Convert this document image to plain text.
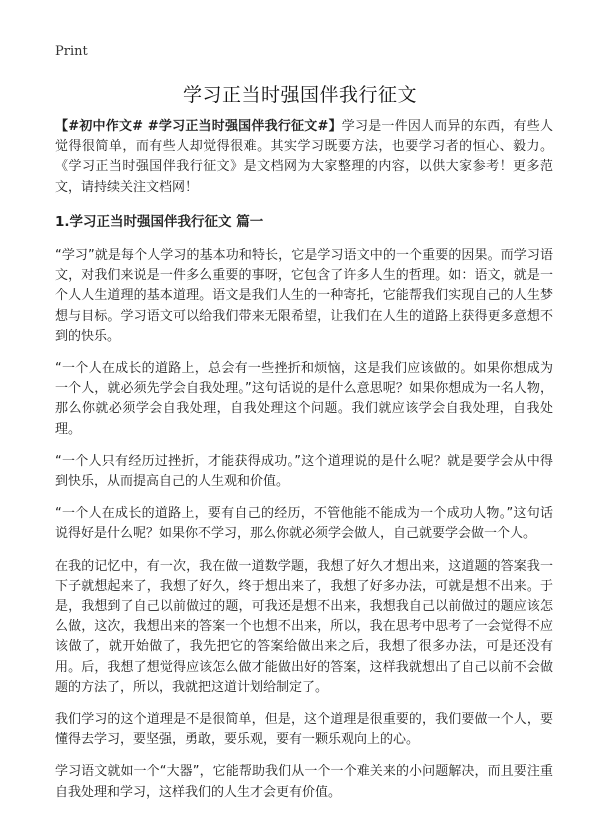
Print
学习正当时强国伴我行征文

【#初中作文# #学习正当时强国伴我行征文#】学习是一件因人而异的东西，有些人觉得很简单，而有些人却觉得很难。其实学习既要方法，也要学习者的恒心、毅力。《学习正当时强国伴我行征文》是文档网为大家整理的内容，以供大家参考！更多范文，请持续关注文档网！

1.学习正当时强国伴我行征文 篇一

“学习”就是每个人学习的基本功和特长，它是学习语文中的一个重要的因果。而学习语文，对我们来说是一件多么重要的事呀，它包含了许多人生的哲理。如：语文，就是一个人人生道理的基本道理。语文是我们人生的一种寄托，它能帮我们实现自己的人生梦想与目标。学习语文可以给我们带来无限希望，让我们在人生的道路上获得更多意想不到的快乐。

“一个人在成长的道路上，总会有一些挫折和烦恼，这是我们应该做的。如果你想成为一个人，就必须先学会自我处理。”这句话说的是什么意思呢？如果你想成为一名人物，那么你就必须学会自我处理，自我处理这个问题。我们就应该学会自我处理，自我处理。

“一个人只有经历过挫折，才能获得成功。”这个道理说的是什么呢？就是要学会从中得到快乐，从而提高自己的人生观和价值。

“一个人在成长的道路上，要有自己的经历，不管他能不能成为一个成功人物。”这句话说得好是什么呢？如果你不学习，那么你就必须学会做人，自己就要学会做一个人。

在我的记忆中，有一次，我在做一道数学题，我想了好久才想出来，这道题的答案我一下子就想起来了，我想了好久，终于想出来了，我想了好多办法，可就是想不出来。于是，我想到了自己以前做过的题，可我还是想不出来，我想我自己以前做过的题应该怎么做，这次，我想出来的答案一个也想不出来，所以，我在思考中思考了一会觉得不应该做了，就开始做了，我先把它的答案给做出来之后，我想了很多办法，可是还没有用。后，我想了想觉得应该怎么做才能做出好的答案，这样我就想出了自己以前不会做题的方法了，所以，我就把这道计划给制定了。

我们学习的这个道理是不是很简单，但是，这个道理是很重要的，我们要做一个人，要懂得去学习，要坚强，勇敢，要乐观，要有一颗乐观向上的心。

学习语文就如一个“大器”，它能帮助我们从一个一个难关来的小问题解决，而且要注重自我处理和学习，这样我们的人生才会更有价值。
